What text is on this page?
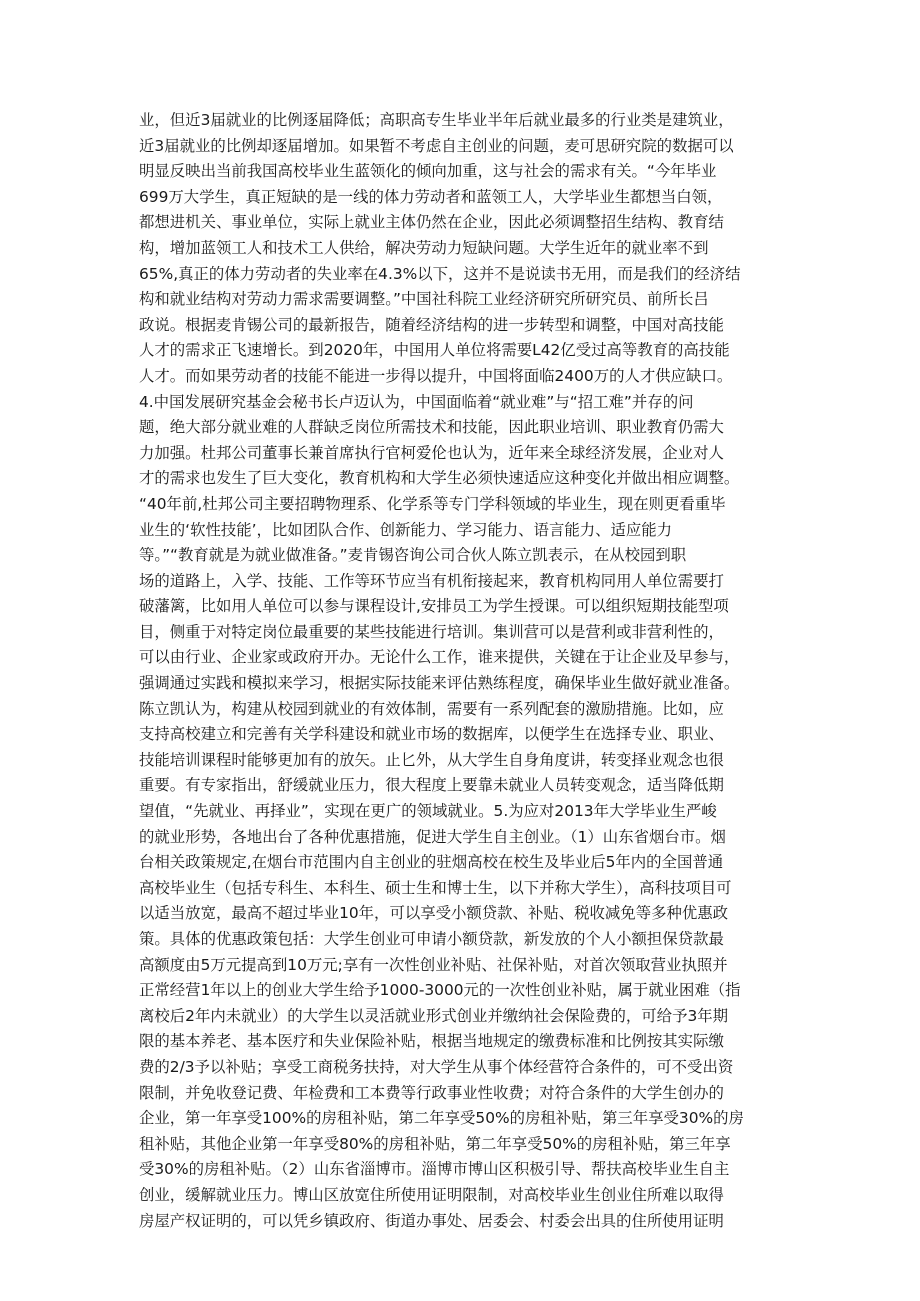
业，但近3届就业的比例逐届降低；高职高专生毕业半年后就业最多的行业类是建筑业，
近3届就业的比例却逐届增加。如果暂不考虑自主创业的问题，麦可思研究院的数据可以
明显反映出当前我国高校毕业生蓝领化的倾向加重，这与社会的需求有关。“今年毕业
699万大学生，真正短缺的是一线的体力劳动者和蓝领工人，大学毕业生都想当白领，
都想进机关、事业单位，实际上就业主体仍然在企业，因此必须调整招生结构、教育结
构，增加蓝领工人和技术工人供给，解决劳动力短缺问题。大学生近年的就业率不到
65%,真正的体力劳动者的失业率在4.3%以下，这并不是说读书无用，而是我们的经济结
构和就业结构对劳动力需求需要调整。”中国社科院工业经济研究所研究员、前所长吕
政说。根据麦肯锡公司的最新报告，随着经济结构的进一步转型和调整，中国对高技能
人才的需求正飞速增长。到2020年，中国用人单位将需要L42亿受过高等教育的高技能
人才。而如果劳动者的技能不能进一步得以提升，中国将面临2400万的人才供应缺口。
4.中国发展研究基金会秘书长卢迈认为，中国面临着“就业难”与“招工难”并存的问
题，绝大部分就业难的人群缺乏岗位所需技术和技能，因此职业培训、职业教育仍需大
力加强。杜邦公司董事长兼首席执行官柯爱伦也认为，近年来全球经济发展，企业对人
才的需求也发生了巨大变化，教育机构和大学生必须快速适应这种变化并做出相应调整。
“40年前,杜邦公司主要招聘物理系、化学系等专门学科领域的毕业生，现在则更看重毕
业生的‘软性技能’，比如团队合作、创新能力、学习能力、语言能力、适应能力
等。”“教育就是为就业做准备。”麦肯锡咨询公司合伙人陈立凯表示，在从校园到职
场的道路上，入学、技能、工作等环节应当有机衔接起来，教育机构同用人单位需要打
破藩篱，比如用人单位可以参与课程设计,安排员工为学生授课。可以组织短期技能型项
目，侧重于对特定岗位最重要的某些技能进行培训。集训营可以是营利或非营利性的，
可以由行业、企业家或政府开办。无论什么工作，谁来提供，关键在于让企业及早参与，
强调通过实践和模拟来学习，根据实际技能来评估熟练程度，确保毕业生做好就业准备。
陈立凯认为，构建从校园到就业的有效体制，需要有一系列配套的激励措施。比如，应
支持高校建立和完善有关学科建设和就业市场的数据库，以便学生在选择专业、职业、
技能培训课程时能够更加有的放矢。止匕外，从大学生自身角度讲，转变择业观念也很
重要。有专家指出，舒缓就业压力，很大程度上要靠未就业人员转变观念，适当降低期
望值，“先就业、再择业”，实现在更广的领域就业。5.为应对2013年大学毕业生严峻
的就业形势，各地出台了各种优惠措施，促进大学生自主创业。（1）山东省烟台市。烟
台相关政策规定,在烟台市范围内自主创业的驻烟高校在校生及毕业后5年内的全国普通
高校毕业生（包括专科生、本科生、硕士生和博士生，以下并称大学生），高科技项目可
以适当放宽，最高不超过毕业10年，可以享受小额贷款、补贴、税收减免等多种优惠政
策。具体的优惠政策包括：大学生创业可申请小额贷款，新发放的个人小额担保贷款最
高额度由5万元提高到10万元;享有一次性创业补贴、社保补贴，对首次领取营业执照并
正常经营1年以上的创业大学生给予1000-3000元的一次性创业补贴，属于就业困难（指
离校后2年内未就业）的大学生以灵活就业形式创业并缴纳社会保险费的，可给予3年期
限的基本养老、基本医疗和失业保险补贴，根据当地规定的缴费标准和比例按其实际缴
费的2/3予以补贴；享受工商税务扶持，对大学生从事个体经营符合条件的，可不受出资
限制，并免收登记费、年检费和工本费等行政事业性收费；对符合条件的大学生创办的
企业，第一年享受100%的房租补贴，第二年享受50%的房租补贴，第三年享受30%的房
租补贴，其他企业第一年享受80%的房租补贴，第二年享受50%的房租补贴，第三年享
受30%的房租补贴。（2）山东省淄博市。淄博市博山区积极引导、帮扶高校毕业生自主
创业，缓解就业压力。博山区放宽住所使用证明限制，对高校毕业生创业住所难以取得
房屋产权证明的，可以凭乡镇政府、街道办事处、居委会、村委会出具的住所使用证明
